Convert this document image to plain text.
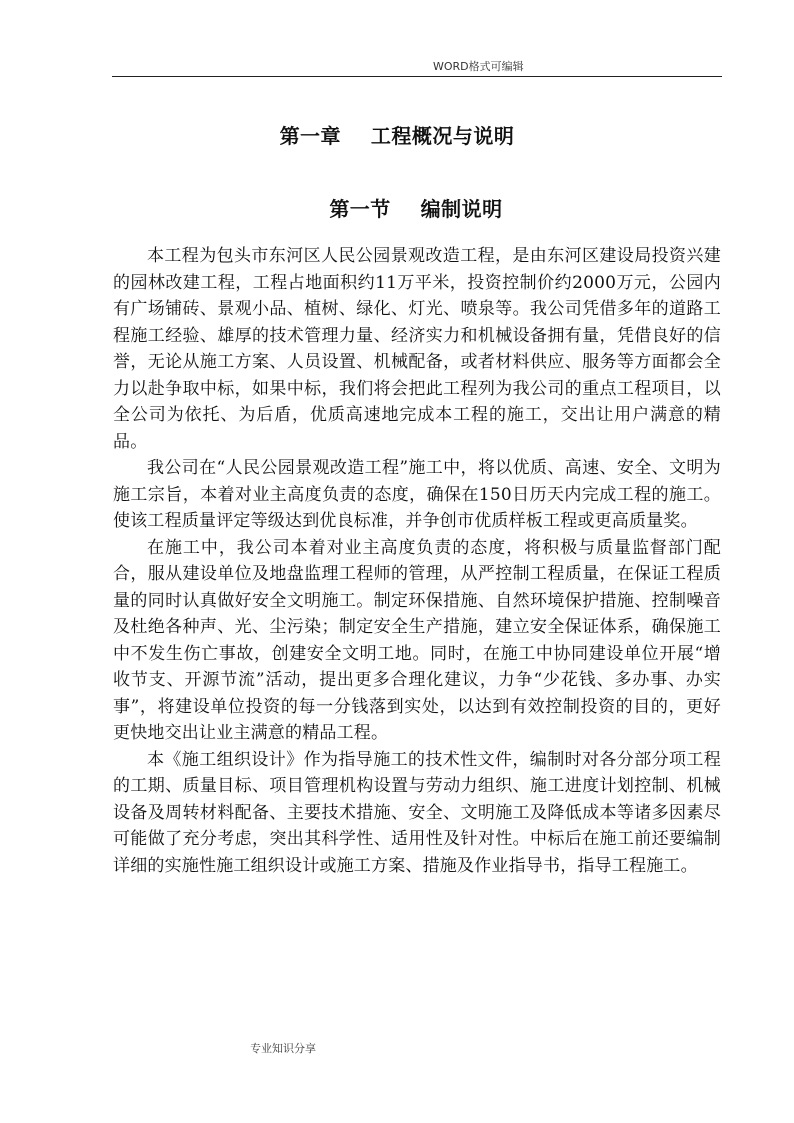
WORD格式可编辑
第一章    工程概况与说明
第一节    编制说明

本工程为包头市东河区人民公园景观改造工程，是由东河区建设局投资兴建的园林改建工程，工程占地面积约11万平米，投资控制价约2000万元，公园内有广场铺砖、景观小品、植树、绿化、灯光、喷泉等。我公司凭借多年的道路工程施工经验、雄厚的技术管理力量、经济实力和机械设备拥有量，凭借良好的信誉，无论从施工方案、人员设置、机械配备，或者材料供应、服务等方面都会全力以赴争取中标，如果中标，我们将会把此工程列为我公司的重点工程项目，以全公司为依托、为后盾，优质高速地完成本工程的施工，交出让用户满意的精品。

我公司在“人民公园景观改造工程”施工中，将以优质、高速、安全、文明为施工宗旨，本着对业主高度负责的态度，确保在150日历天内完成工程的施工。使该工程质量评定等级达到优良标准，并争创市优质样板工程或更高质量奖。

在施工中，我公司本着对业主高度负责的态度，将积极与质量监督部门配合，服从建设单位及地盘监理工程师的管理，从严控制工程质量，在保证工程质量的同时认真做好安全文明施工。制定环保措施、自然环境保护措施、控制噪音及杜绝各种声、光、尘污染；制定安全生产措施，建立安全保证体系，确保施工中不发生伤亡事故，创建安全文明工地。同时，在施工中协同建设单位开展“增收节支、开源节流”活动，提出更多合理化建议，力争“少花钱、多办事、办实事”，将建设单位投资的每一分钱落到实处，以达到有效控制投资的目的，更好更快地交出让业主满意的精品工程。

本《施工组织设计》作为指导施工的技术性文件，编制时对各分部分项工程的工期、质量目标、项目管理机构设置与劳动力组织、施工进度计划控制、机械设备及周转材料配备、主要技术措施、安全、文明施工及降低成本等诸多因素尽可能做了充分考虑，突出其科学性、适用性及针对性。中标后在施工前还要编制详细的实施性施工组织设计或施工方案、措施及作业指导书，指导工程施工。

专业知识分享
